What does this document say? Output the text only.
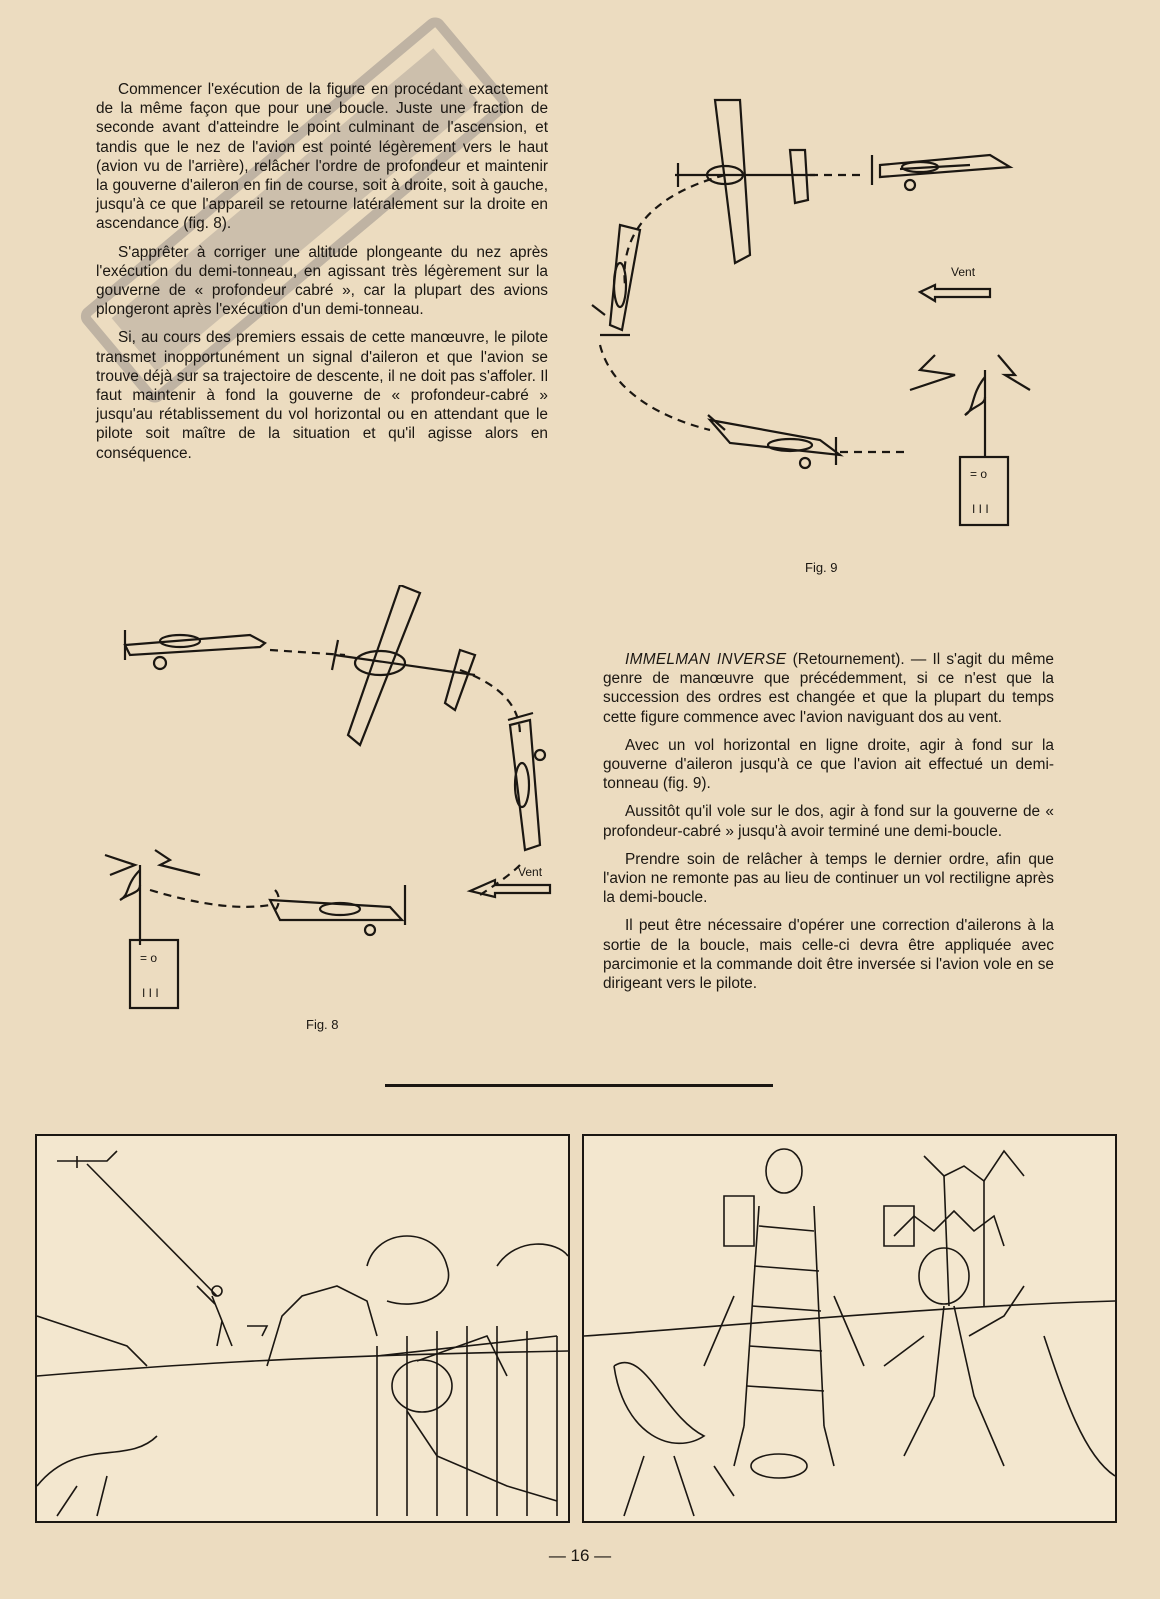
Commencer l'exécution de la figure en procédant exactement de la même façon que pour une boucle. Juste une fraction de seconde avant d'atteindre le point culminant de l'ascension, et tandis que le nez de l'avion est pointé légèrement vers le haut (avion vu de l'arrière), relâcher l'ordre de profondeur et maintenir la gouverne d'aileron en fin de course, soit à droite, soit à gauche, jusqu'à ce que l'appareil se retourne latéralement sur la droite en ascendance (fig. 8).

S'apprêter à corriger une altitude plongeante du nez après l'exécution du demi-tonneau, en agissant très légèrement sur la gouverne de « profondeur cabré », car la plupart des avions plongeront après l'exécution d'un demi-tonneau.

Si, au cours des premiers essais de cette manœuvre, le pilote transmet inopportunément un signal d'aileron et que l'avion se trouve déjà sur sa trajectoire de descente, il ne doit pas s'affoler. Il faut maintenir à fond la gouverne de « profondeur-cabré » jusqu'au rétablissement du vol horizontal ou en attendant que le pilote soit maître de la situation et qu'il agisse alors en conséquence.

Vent
= o
I I I
Fig. 9
Vent
= o
I I I
Fig. 8

IMMELMAN INVERSE (Retournement). — Il s'agit du même genre de manœuvre que précédemment, si ce n'est que la succession des ordres est changée et que la plupart du temps cette figure commence avec l'avion naviguant dos au vent.

Avec un vol horizontal en ligne droite, agir à fond sur la gouverne d'aileron jusqu'à ce que l'avion ait effectué un demi-tonneau (fig. 9).

Aussitôt qu'il vole sur le dos, agir à fond sur la gouverne de « profondeur-cabré » jusqu'à avoir terminé une demi-boucle.

Prendre soin de relâcher à temps le dernier ordre, afin que l'avion ne remonte pas au lieu de continuer un vol rectiligne après la demi-boucle.

Il peut être nécessaire d'opérer une correction d'ailerons à la sortie de la boucle, mais celle-ci devra être appliquée avec parcimonie et la commande doit être inversée si l'avion vole en se dirigeant vers le pilote.

— 16 —
